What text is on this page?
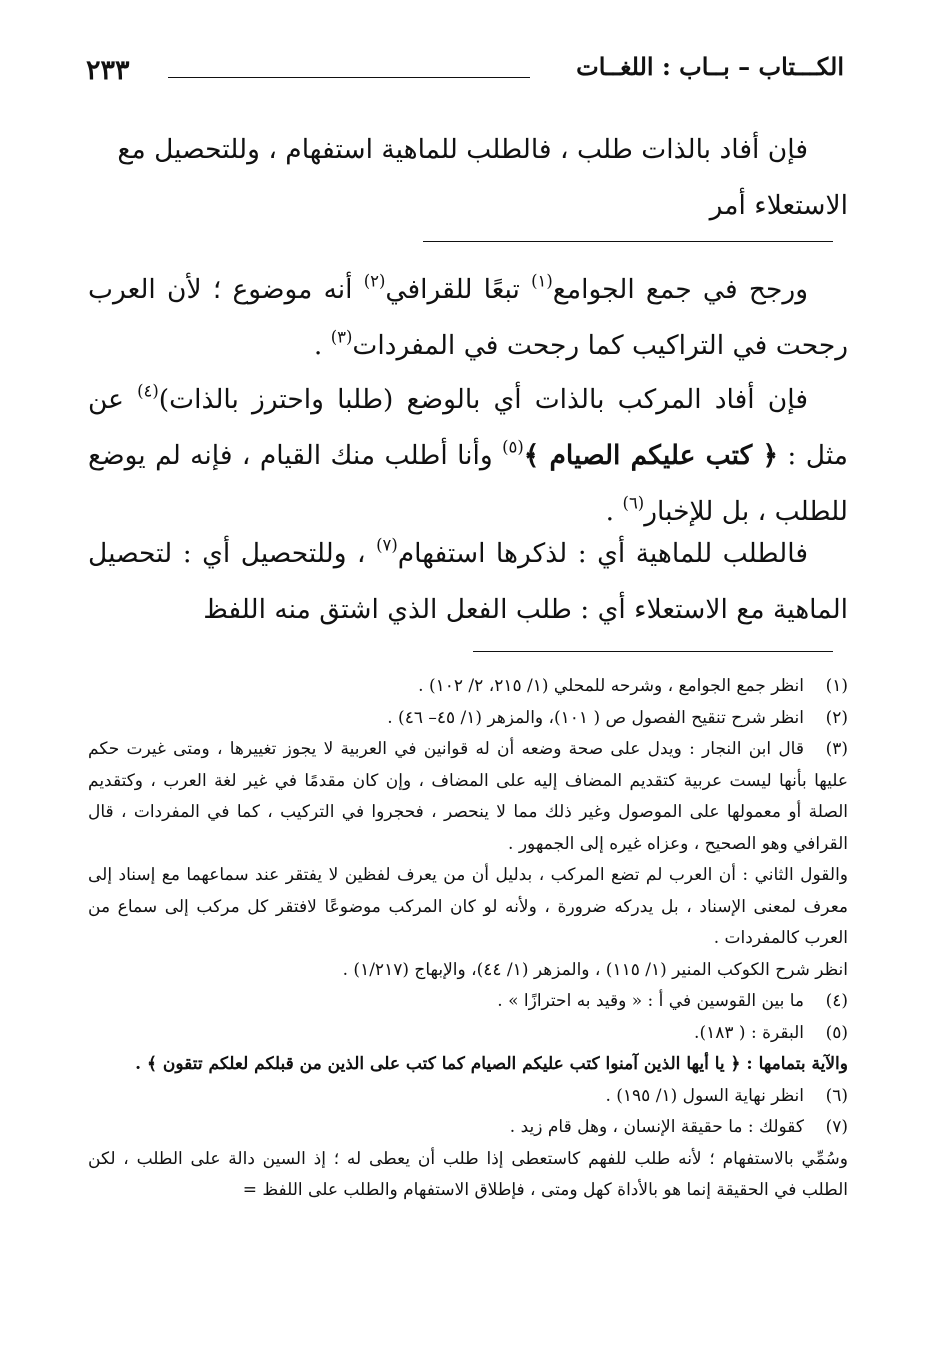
الكـــتاب – بــاب : اللغــات
٢٣٣
فإن أفاد بالذات طلب ، فالطلب للماهية استفهام ، وللتحصيل مع
الاستعلاء أمر
ورجح في جمع الجوامع$^{(١)}$ تبعًا للقرافي$^{(٢)}$ أنه موضوع ؛ لأن العرب رجحت في التراكيب كما رجحت في المفردات$^{(٣)}$ .
فإن أفاد المركب بالذات أي بالوضع (طلبا واحترز بالذات)$^{(٤)}$ عن مثل : ﴿ كتب عليكم الصيام ﴾$^{(٥)}$ وأنا أطلب منك القيام ، فإنه لم يوضع للطلب ، بل للإخبار$^{(٦)}$ .
فالطلب للماهية أي : لذكرها استفهام$^{(٧)}$ ، وللتحصيل أي : لتحصيل الماهية مع الاستعلاء أي : طلب الفعل الذي اشتق منه اللفظ
(١)انظر جمع الجوامع ، وشرحه للمحلي (١/ ٢١٥، ٢/ ١٠٢) .
(٢)انظر شرح تنقيح الفصول ص ( ١٠١)، والمزهر (١/ ٤٥– ٤٦) .
(٣)قال ابن النجار : ويدل على صحة وضعه أن له قوانين في العربية لا يجوز تغييرها ، ومتى غيرت حكم عليها بأنها ليست عربية كتقديم المضاف إليه على المضاف ، وإن كان مقدمًا في غير لغة العرب ، وكتقديم الصلة أو معمولها على الموصول وغير ذلك مما لا ينحصر ، فحجروا في التركيب ، كما في المفردات ، قال القرافي وهو الصحيح ، وعزاه غيره إلى الجمهور .
والقول الثاني : أن العرب لم تضع المركب ، بدليل أن من يعرف لفظين لا يفتقر عند سماعهما مع إسناد إلى معرف لمعنى الإسناد ، بل يدركه ضرورة ، ولأنه لو كان المركب موضوعًا لافتقر كل مركب إلى سماع من العرب كالمفردات .
انظر شرح الكوكب المنير (١/ ١١٥) ، والمزهر (١/ ٤٤)، والإبهاج (١/٢١٧) .
(٤)ما بين القوسين في أ : « وقيد به احترازًا » .
(٥)البقرة : ( ١٨٣).
والآية بتمامها : ﴿ يا أيها الذين آمنوا كتب عليكم الصيام كما كتب على الذين من قبلكم لعلكم تتقون ﴾ .
(٦)انظر نهاية السول (١/ ١٩٥) .
(٧)كقولك : ما حقيقة الإنسان ، وهل قام زيد .
وسُمِّي بالاستفهام ؛ لأنه طلب للفهم كاستعطى إذا طلب أن يعطى له ؛ إذ السين دالة على الطلب ، لكن الطلب في الحقيقة إنما هو بالأداة كهل ومتى ، فإطلاق الاستفهام والطلب على اللفظ =
